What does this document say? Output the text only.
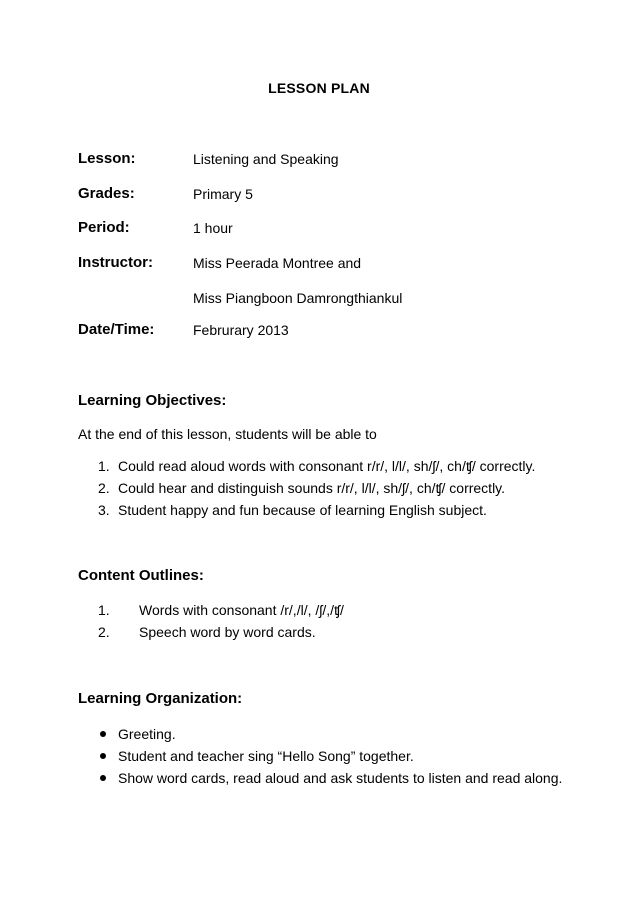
LESSON PLAN
Lesson:	Listening and Speaking
Grades:	Primary 5
Period:	1 hour
Instructor:	Miss Peerada Montree and
Miss Piangboon Damrongthiankul
Date/Time:	Februrary 2013
Learning Objectives:
At the end of this lesson, students will be able to
1. Could read aloud words with consonant r/r/, l/l/, sh/ʃ/, ch/ʧ/ correctly.
2. Could hear and distinguish sounds r/r/, l/l/, sh/ʃ/, ch/ʧ/ correctly.
3. Student happy and fun because of learning English subject.
Content Outlines:
1. Words with consonant /r/,/l/, /ʃ/,/ʧ/
2. Speech word by word cards.
Learning Organization:
Greeting.
Student and teacher sing “Hello Song” together.
Show word cards, read aloud and ask students to listen and read along.
